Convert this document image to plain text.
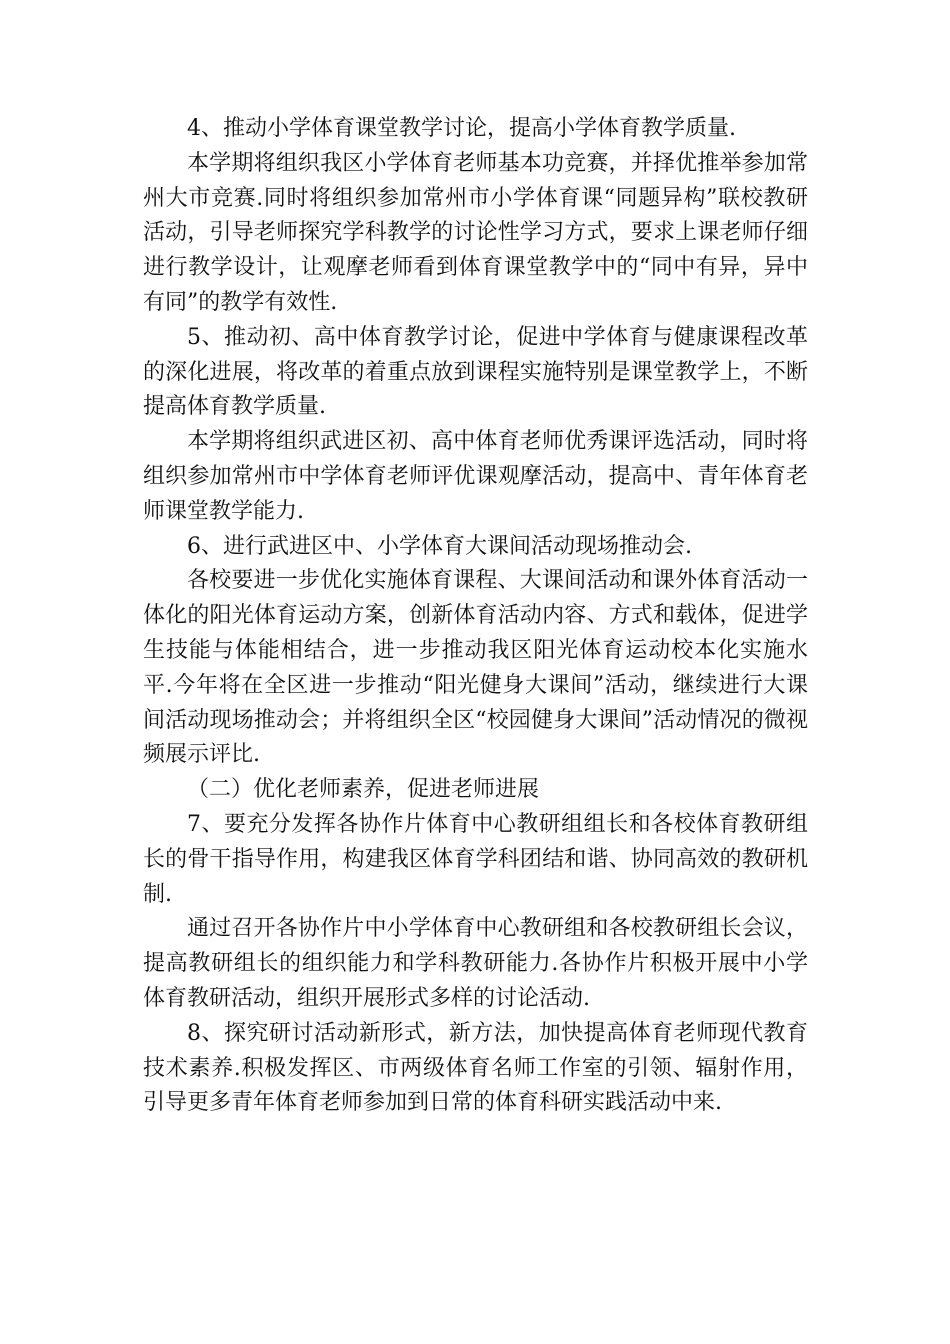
4、推动小学体育课堂教学讨论，提高小学体育教学质量.

本学期将组织我区小学体育老师基本功竞赛，并择优推举参加常州大市竞赛.同时将组织参加常州市小学体育课“同题异构”联校教研活动，引导老师探究学科教学的讨论性学习方式，要求上课老师仔细进行教学设计，让观摩老师看到体育课堂教学中的“同中有异，异中有同”的教学有效性.

5、推动初、高中体育教学讨论，促进中学体育与健康课程改革的深化进展，将改革的着重点放到课程实施特别是课堂教学上，不断提高体育教学质量.

本学期将组织武进区初、高中体育老师优秀课评选活动，同时将组织参加常州市中学体育老师评优课观摩活动，提高中、青年体育老师课堂教学能力.

6、进行武进区中、小学体育大课间活动现场推动会.

各校要进一步优化实施体育课程、大课间活动和课外体育活动一体化的阳光体育运动方案，创新体育活动内容、方式和载体，促进学生技能与体能相结合，进一步推动我区阳光体育运动校本化实施水平.今年将在全区进一步推动“阳光健身大课间”活动，继续进行大课间活动现场推动会；并将组织全区“校园健身大课间”活动情况的微视频展示评比.

（二）优化老师素养，促进老师进展

7、要充分发挥各协作片体育中心教研组组长和各校体育教研组长的骨干指导作用，构建我区体育学科团结和谐、协同高效的教研机制.

通过召开各协作片中小学体育中心教研组和各校教研组长会议，提高教研组长的组织能力和学科教研能力.各协作片积极开展中小学体育教研活动，组织开展形式多样的讨论活动.

8、探究研讨活动新形式，新方法，加快提高体育老师现代教育技术素养.积极发挥区、市两级体育名师工作室的引领、辐射作用，引导更多青年体育老师参加到日常的体育科研实践活动中来.
